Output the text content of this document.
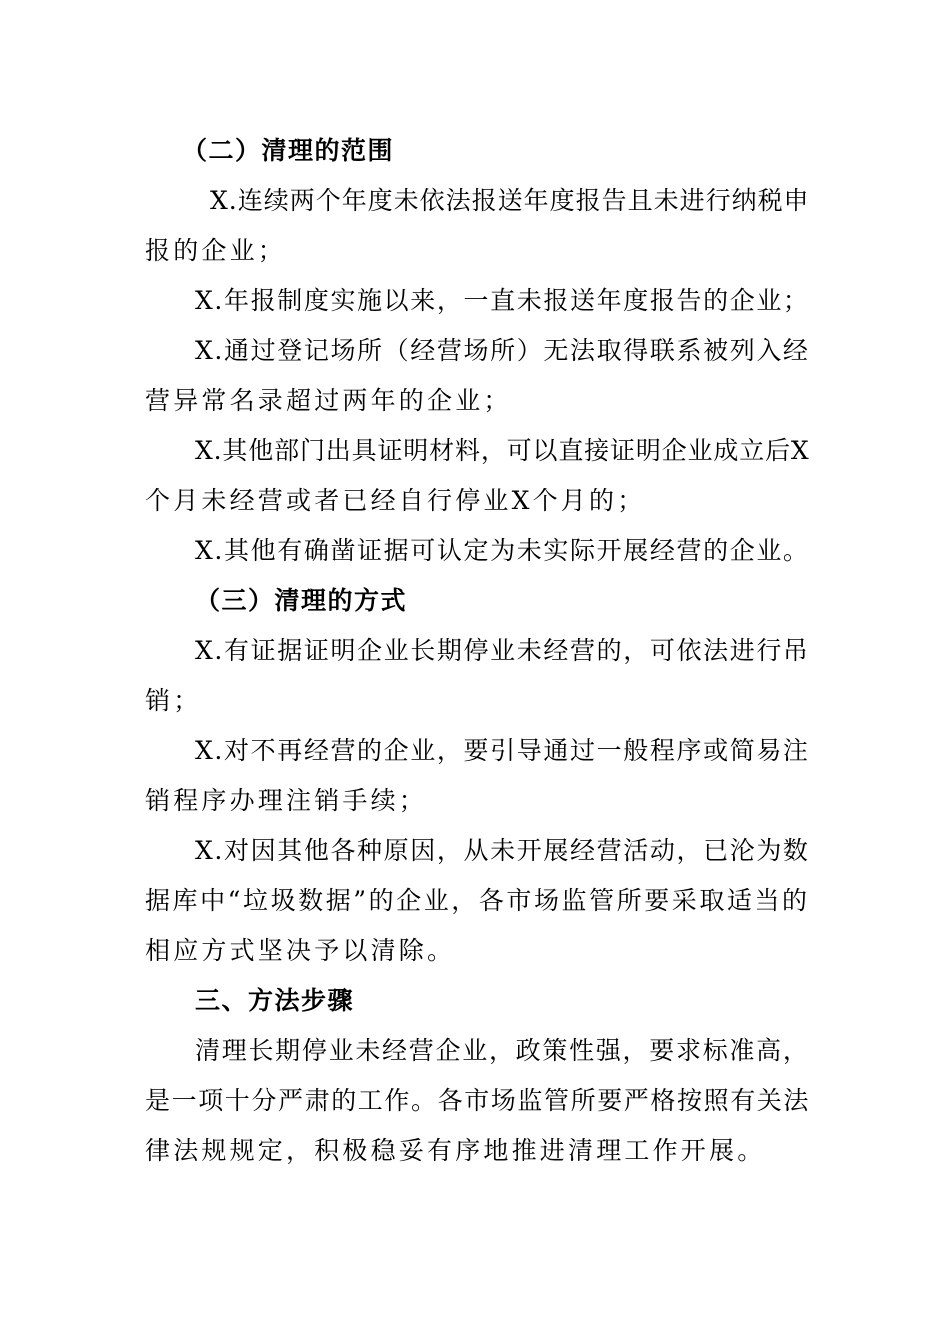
（二）清理的范围
X.连续两个年度未依法报送年度报告且未进行纳税申
报的企业；
X.年报制度实施以来，一直未报送年度报告的企业；
X.通过登记场所（经营场所）无法取得联系被列入经
营异常名录超过两年的企业；
X.其他部门出具证明材料，可以直接证明企业成立后X
个月未经营或者已经自行停业X个月的；
X.其他有确凿证据可认定为未实际开展经营的企业。
（三）清理的方式
X.有证据证明企业长期停业未经营的，可依法进行吊
销；
X.对不再经营的企业，要引导通过一般程序或简易注
销程序办理注销手续；
X.对因其他各种原因，从未开展经营活动，已沦为数
据库中“垃圾数据”的企业，各市场监管所要采取适当的
相应方式坚决予以清除。
三、方法步骤
清理长期停业未经营企业，政策性强，要求标准高，
是一项十分严肃的工作。各市场监管所要严格按照有关法
律法规规定，积极稳妥有序地推进清理工作开展。
